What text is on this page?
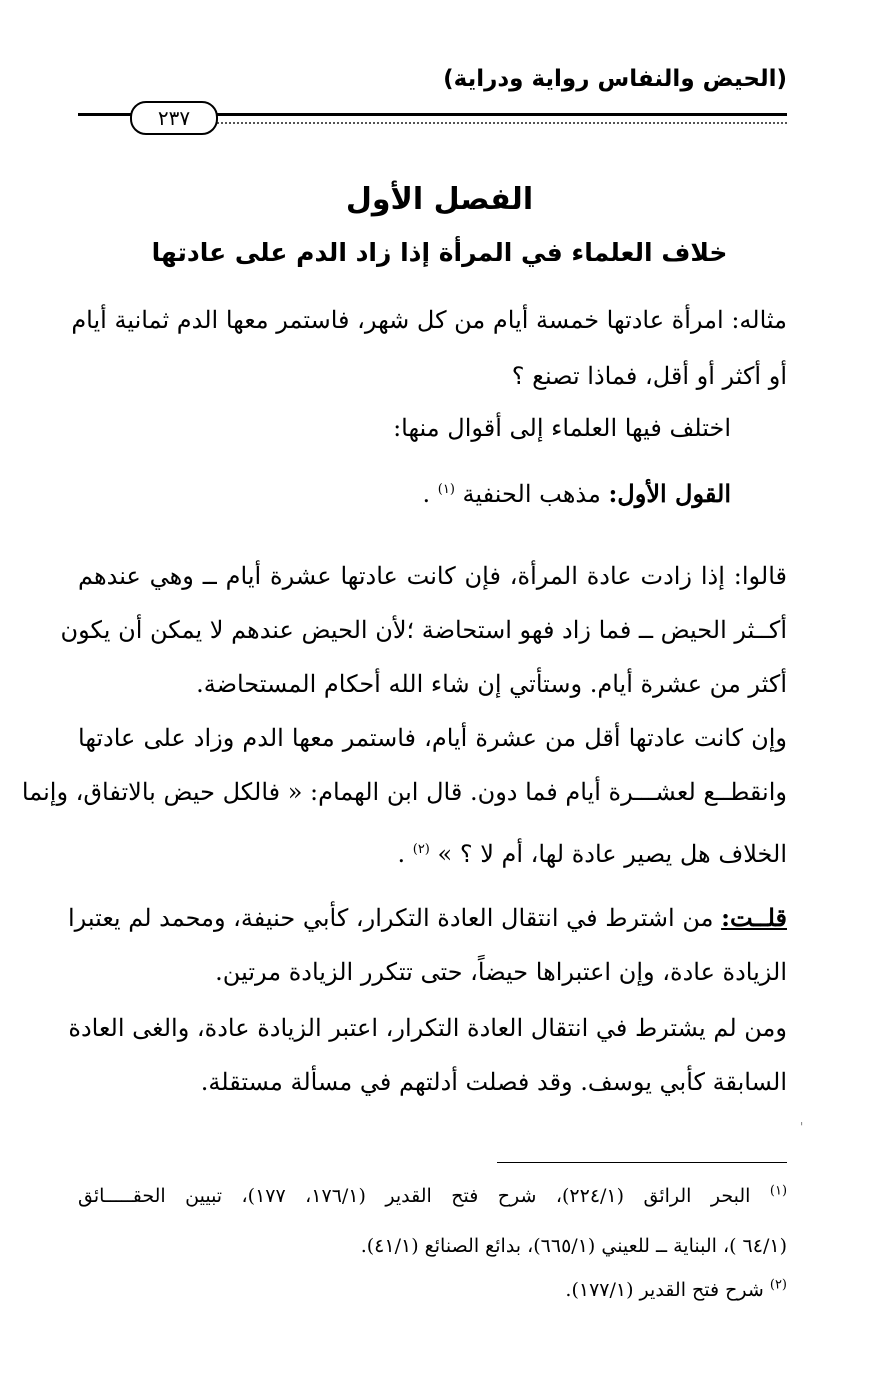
(الحيض والنفاس رواية ودراية)
٢٣٧
الفصل الأول
خلاف العلماء في المرأة إذا زاد الدم على عادتها
مثاله: امرأة عادتها خمسة أيام من كل شهر، فاستمر معها الدم ثمانية أيام
أو أكثر أو أقل، فماذا تصنع ؟
اختلف فيها العلماء إلى أقوال منها:
القول الأول: مذهب الحنفية $^{(١)}$ .
قالوا: إذا زادت عادة المرأة، فإن كانت عادتها عشرة أيام ــ وهي عندهم
أكــثر الحيض ــ فما زاد فهو استحاضة ؛لأن الحيض عندهم لا يمكن أن يكون
أكثر من عشرة أيام. وستأتي إن شاء الله أحكام المستحاضة.
وإن كانت عادتها أقل من عشرة أيام، فاستمر معها الدم وزاد على عادتها
وانقطــع لعشـــرة أيام فما دون. قال ابن الهمام: « فالكل حيض بالاتفاق، وإنما
الخلاف هل يصير عادة لها، أم لا ؟ » $^{(٢)}$ .
قلــت: من اشترط في انتقال العادة التكرار، كأبي حنيفة، ومحمد لم يعتبرا
الزيادة عادة، وإن اعتبراها حيضاً، حتى تتكرر الزيادة مرتين.
ومن لم يشترط في انتقال العادة التكرار، اعتبر الزيادة عادة، والغى العادة
السابقة كأبي يوسف. وقد فصلت أدلتهم في مسألة مستقلة.
'
$^{(١)}$ البحر الرائق (٢٢٤/١)، شرح فتح القدير (١٧٦/١، ١٧٧)، تبيين الحقـــــائق
(٦٤/١ )، البناية ــ للعيني (٦٦٥/١)، بدائع الصنائع (٤١/١).
$^{(٢)}$ شرح فتح القدير (١٧٧/١).
